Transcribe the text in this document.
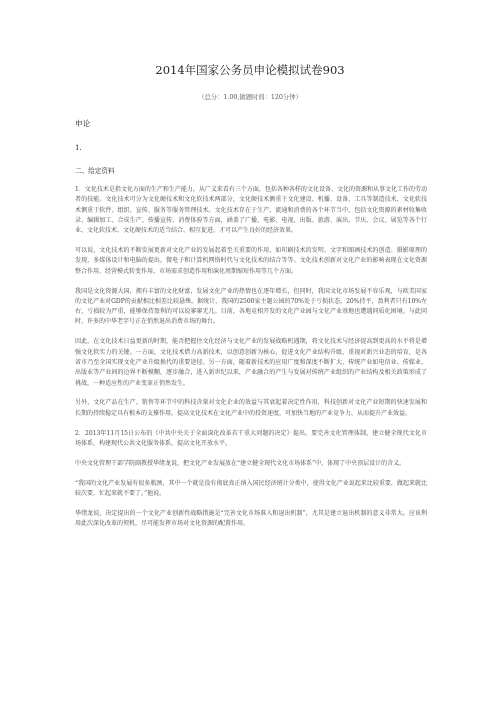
2014年国家公务员申论模拟试卷903
（总分：1.00,做题时间：120分钟）
申论
1.
二、给定资料

1．文化技术是指文化方面的生产和生产能力，从广义来看有三个方面，包括各种各样的文化设备、文化的资源和从事文化工作的劳动者的技能。文化技术可分为文化硬技术和文化软技术两部分，文化硬技术侧重于文化建设、机播、设备、工具等制造技术，文化软技术侧重于软件、组织、宣传、服务等服务管理技术。文化技术存在于生产、流通和消费的各个环节当中，包括文化资源的素材收集收录、编辑加工、合成生产、传播宣传、消费体验等方面，涵盖了广播、电影、电视、出版、旅游、演出、节庆、会议、展览等各个行业。文化软技术、文化硬技术的适当结合、相互促进，才可以产生良好的经济效果。

可以说，文化技术的不断发展更新对文化产业的发展起着至关重要的作用，如印刷技术的发明、文字和图画技术的创造、摄影原理的发现、多媒体设计和电脑的提出，微电子和计算机网络时代与文化技术的结合等等。文化技术创新对文化产业的影响表现在文化资源整合作用、经营模式转变作用、市场需求创造作用和演化周期缩短作用等几个方面。

我国是文化资源大国，拥有丰富的文化财富，发展文化产业的热情也在逐年增长，但同时，我国文化市场发展不容乐观，与欧美国家的文化产业对GDP的贡献相比相差比较悬殊。据统计，我国的2500家主题公园的70%处于亏损状态，20%持平，盈利者只有10%左右，亏损较为严重，能够保持盈利的可以说寥寥无几。目前，各地竞相开发的文化产业园与文化产业基地也遭遇同质化困境。与此同时，许多的中华老字号正在悄然退出消费市场的舞台。

因此，在文化技术日益更新的时期，能否把握住文化经济与文化产业的发展战略机遇期，将文化技术与经济提高到更高的水平将是增强文化软实力的关键。一方面，文化技术借力高新技术，以创意创新为核心，促进文化产业结构升级，重视对新兴业态的培育，是各省市乃至全国实现文化产业升级换代的重要途径。另一方面，随着新技术的应用广度和深度不断扩大，传统产业如电信业、传媒业、出版业等产业间的边界不断模糊，逐步融合，进入新世纪以来，产业融合的产生与发展对传统产业组织的产业结构及相关政策形成了挑战，一种适应性的产业变革正悄然发生。

另外，文化产品在生产、销售等环节中的科技含量对文化企业的效益与其衰起着决定性作用，科技创新对文化产业短期的快速发展和长期的持续稳定具有根本的支撑作用。提高文化技术在文化产业中的投资速度，可加快当地的产业竞争力，从而提升产业效益。

2．2013年11月15日公布的《中共中央关于全面深化改革若干重大问题的决定》提出，要完善文化管理体制，建立健全现代文化市场体系，构建现代公共文化服务体系，提高文化开放水平。

中央文化管理干部学院副教授华绪龙说，把文化产业发展放在“建立健全现代文化市场体系”中，体现了中央顶层设计的含义。

“我国的文化产业发展有很多瓶颈，其中一个就是没有彻底真正纳入国民经济统计分类中，使得文化产业说起来比较重要，做起来就比较次要，忙起来就不要了。”他说。

华绪龙说，决定提出的一个文化产业创新性战略措施是“完善文化市场准入和退出机制”，尤其是建立退出机制的意义非常大。应该利用此次深化改革的契机，尽可能发挥市场对文化资源的配置作用。
